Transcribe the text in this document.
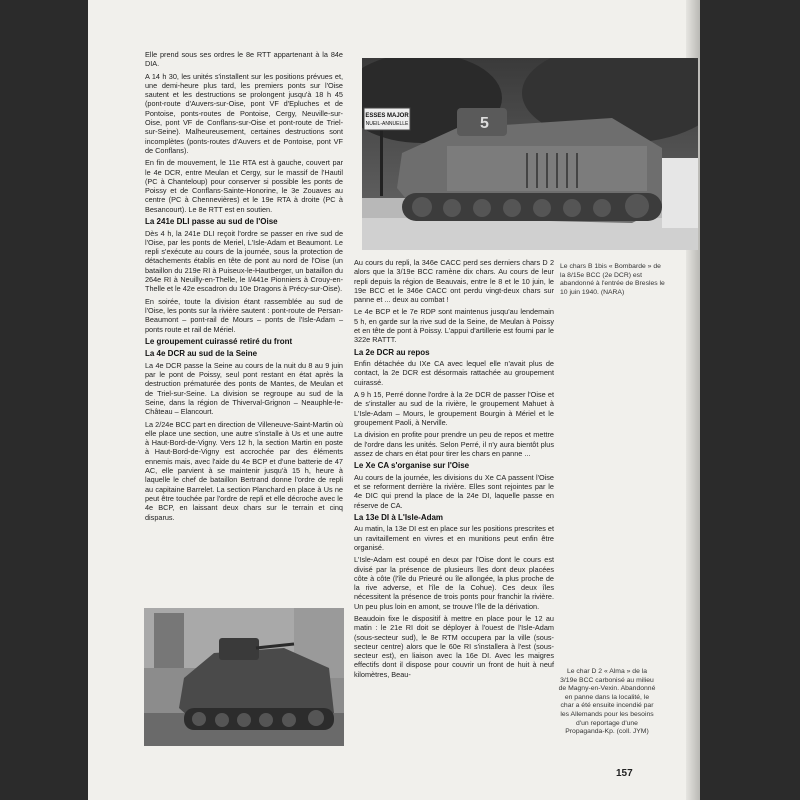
ESSES MAJOR
NUEIL-ANNUELLE	5

Elle prend sous ses ordres le 8e RTT appartenant à la 84e DIA.

A 14 h 30, les unités s'installent sur les positions prévues et, une demi-heure plus tard, les premiers ponts sur l'Oise sautent et les destructions se prolongent jusqu'à 18 h 45 (pont-route d'Auvers-sur-Oise, pont VF d'Epluches et de Pontoise, ponts-routes de Pontoise, Cergy, Neuville-sur-Oise, pont VF de Conflans-sur-Oise et pont-route de Triel-sur-Seine). Malheureusement, certaines destructions sont incomplètes (ponts-routes d'Auvers et de Pontoise, pont VF de Conflans).

En fin de mouvement, le 11e RTA est à gauche, couvert par le 4e DCR, entre Meulan et Cergy, sur le massif de l'Hautil (PC à Chanteloup) pour conserver si possible les ponts de Poissy et de Conflans-Sainte-Honorine, le 3e Zouaves au centre (PC à Chennevières) et le 19e RTA à droite (PC à Besancourt). Le 8e RTT est en soutien.

La 241e DLI passe au sud de l'Oise

Dès 4 h, la 241e DLI reçoit l'ordre se passer en rive sud de l'Oise, par les ponts de Meriel, L'Isle-Adam et Beaumont. Le repli s'exécute au cours de la journée, sous la protection de détachements établis en tête de pont au nord de l'Oise (un bataillon du 219e RI à Puiseux-le-Hautberger, un bataillon du 264e RI à Neuilly-en-Thelle, le I/441e Pionniers à Crouy-en-Thelle et le 42e escadron du 10e Dragons à Précy-sur-Oise).

En soirée, toute la division étant rassemblée au sud de l'Oise, les ponts sur la rivière sautent : pont-route de Persan-Beaumont – pont-rail de Mours – ponts de l'Isle-Adam – ponts route et rail de Mériel.

Le groupement cuirassé retiré du front
La 4e DCR au sud de la Seine

La 4e DCR passe la Seine au cours de la nuit du 8 au 9 juin par le pont de Poissy, seul pont restant en état après la destruction prématurée des ponts de Mantes, de Meulan et de Triel-sur-Seine. La division se regroupe au sud de la Seine, dans la région de Thiverval-Grignon – Neauphle-le-Château – Elancourt.

La 2/24e BCC part en direction de Villeneuve-Saint-Martin où elle place une section, une autre s'installe à Us et une autre à Haut-Bord-de-Vigny. Vers 12 h, la section Martin en poste à Haut-Bord-de-Vigny est accrochée par des éléments ennemis mais, avec l'aide du 4e BCP et d'une batterie de 47 AC, elle parvient à se maintenir jusqu'à 15 h, heure à laquelle le chef de bataillon Bertrand donne l'ordre de repli au capitaine Barrelet. La section Planchard en place à Us ne peut être touchée par l'ordre de repli et elle décroche avec le 4e BCP, en laissant deux chars sur le terrain et cinq disparus.

Au cours du repli, la 346e CACC perd ses derniers chars D 2 alors que la 3/19e BCC ramène dix chars. Au cours de leur repli depuis la région de Beauvais, entre le 8 et le 10 juin, le 19e BCC et le 346e CACC ont perdu vingt-deux chars sur panne et ... deux au combat !

Le 4e BCP et le 7e RDP sont maintenus jusqu'au lendemain 5 h, en garde sur la rive sud de la Seine, de Meulan à Poissy et en tête de pont à Poissy. L'appui d'artillerie est fourni par le 322e RATTT.

La 2e DCR au repos

Enfin détachée du IXe CA avec lequel elle n'avait plus de contact, la 2e DCR est désormais rattachée au groupement cuirassé.

A 9 h 15, Perré donne l'ordre à la 2e DCR de passer l'Oise et de s'installer au sud de la rivière, le groupement Mahuet à L'Isle-Adam – Mours, le groupement Bourgin à Mériel et le groupement Paoli, à Nerville.

La division en profite pour prendre un peu de repos et mettre de l'ordre dans les unités. Selon Perré, il n'y aura bientôt plus assez de chars en état pour tirer les chars en panne ...

Le Xe CA s'organise sur l'Oise

Au cours de la journée, les divisions du Xe CA passent l'Oise et se reforment derrière la rivière. Elles sont rejointes par le 4e DIC qui prend la place de la 24e DI, laquelle passe en réserve de CA.

La 13e DI à L'Isle-Adam

Au matin, la 13e DI est en place sur les positions prescrites et un ravitaillement en vivres et en munitions peut enfin être organisé.

L'Isle-Adam est coupé en deux par l'Oise dont le cours est divisé par la présence de plusieurs îles dont deux placées côte à côte (l'île du Prieuré ou île allongée, la plus proche de la rive adverse, et l'île de la Cohue). Ces deux îles nécessitent la présence de trois ponts pour franchir la rivière. Un peu plus loin en amont, se trouve l'île de la dérivation.

Beaudoin fixe le dispositif à mettre en place pour le 12 au matin : le 21e RI doit se déployer à l'ouest de l'Isle-Adam (sous-secteur sud), le 8e RTM occupera par la ville (sous-secteur centre) alors que le 60e RI s'installera à l'est (sous-secteur est), en liaison avec la 16e DI. Avec les maigres effectifs dont il dispose pour couvrir un front de huit à neuf kilomètres, Beau-

Le chars B 1bis « Bombarde » de la 8/15e BCC (2e DCR) est abandonné à l'entrée de Bresles le 10 juin 1940. (NARA)
Le char D 2 « Alma » de la 3/19e BCC carbonisé au milieu de Magny-en-Vexin. Abandonné en panne dans la localité, le char a été ensuite incendié par les Allemands pour les besoins d'un reportage d'une Propaganda-Kp. (coll. JYM)
157
